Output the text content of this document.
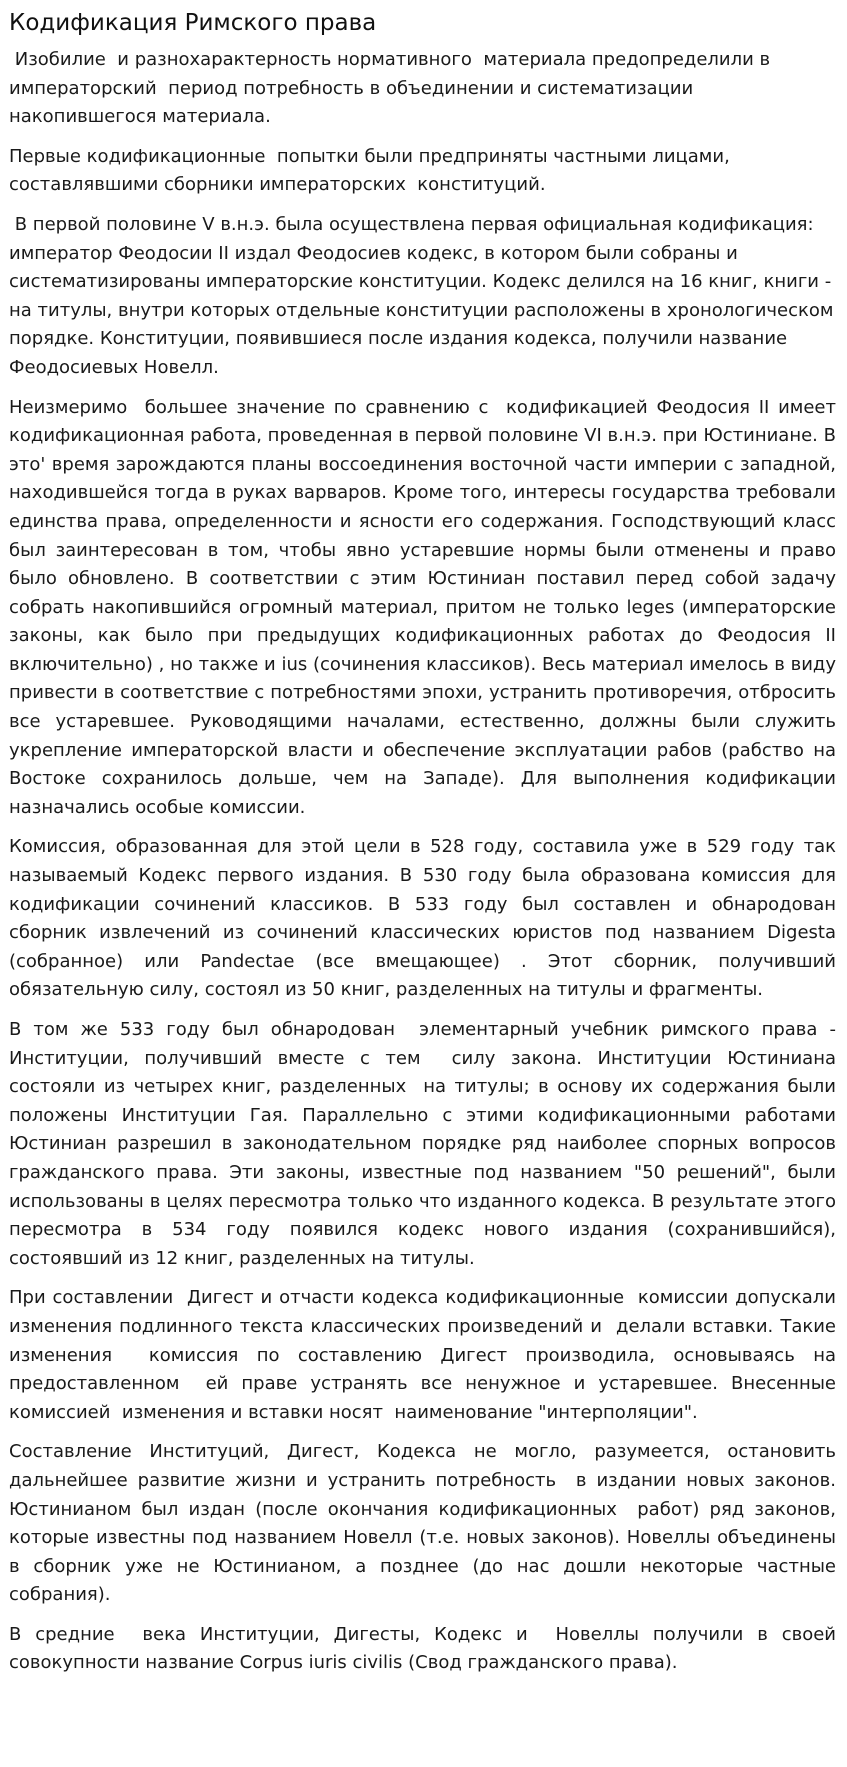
Кодификация Римского права

Изобилие  и разнохарактерность нормативного  материала предопределили в императорский  период потребность в объединении и систематизации накопившегося материала.

Первые кодификационные  попытки были предприняты частными лицами, составлявшими сборники императорских  конституций.

В первой половине V в.н.э. была осуществлена первая официальная кодификация: император Феодосии II издал Феодосиев кодекс, в котором были собраны и систематизированы императорские конституции. Кодекс делился на 16 книг, книги - на титулы, внутри которых отдельные конституции расположены в хронологическом порядке. Конституции, появившиеся после издания кодекса, получили название Феодосиевых Новелл.

Неизмеримо  большее значение по сравнению с  кодификацией Феодосия II имеет кодификационная работа, проведенная в первой половине VI в.н.э. при Юстиниане. В это' время зарождаются планы воссоединения восточной части империи с западной, находившейся тогда в руках варваров. Кроме того, интересы государства требовали единства права, определенности и ясности его содержания. Господствующий класс был заинтересован в том, чтобы явно устаревшие нормы были отменены и право было обновлено. В соответствии с этим Юстиниан поставил перед собой задачу собрать накопившийся огромный материал, притом не только leges (императорские законы, как было при предыдущих кодификационных работах до Феодосия II включительно) , но также и ius (сочинения классиков). Весь материал имелось в виду привести в соответствие с потребностями эпохи, устранить противоречия, отбросить все устаревшее. Руководящими началами, естественно, должны были служить укрепление императорской власти и обеспечение эксплуатации рабов (рабство на Востоке сохранилось дольше, чем на Западе). Для выполнения кодификации назначались особые комиссии.

Комиссия, образованная для этой цели в 528 году, составила уже в 529 году так называемый Кодекс первого издания. В 530 году была образована комиссия для кодификации сочинений классиков. В 533 году был составлен и обнародован сборник извлечений из сочинений классических юристов под названием Digesta (собранное) или Pandectae (все вмещающее) . Этот сборник, получивший обязательную силу, состоял из 50 книг, разделенных на титулы и фрагменты.

В том же 533 году был обнародован  элементарный учебник римского права - Институции, получивший вместе с тем  силу закона. Институции Юстиниана  состояли из четырех книг, разделенных  на титулы; в основу их содержания были положены Институции Гая. Параллельно с этими кодификационными работами Юстиниан разрешил в законодательном порядке ряд наиболее спорных вопросов гражданского права. Эти законы, известные под названием "50 решений", были использованы в целях пересмотра только что изданного кодекса. В результате этого пересмотра в 534 году появился кодекс нового издания (сохранившийся), состоявший из 12 книг, разделенных на титулы.

При составлении  Дигест и отчасти кодекса кодификационные  комиссии допускали изменения подлинного текста классических произведений и  делали вставки. Такие изменения  комиссия по составлению Дигест производила, основываясь на предоставленном  ей праве устранять все ненужное и устаревшее. Внесенные комиссией  изменения и вставки носят  наименование "интерполяции".

Составление Институций, Дигест, Кодекса не могло, разумеется, остановить дальнейшее развитие жизни и устранить потребность  в издании новых законов. Юстинианом был издан (после окончания кодификационных  работ) ряд законов, которые известны под названием Новелл (т.е. новых законов). Новеллы объединены в сборник уже не Юстинианом, а позднее (до нас дошли некоторые частные собрания).

В средние  века Институции, Дигесты, Кодекс и  Новеллы получили в своей совокупности название Corpus iuris civilis (Свод гражданского права).
